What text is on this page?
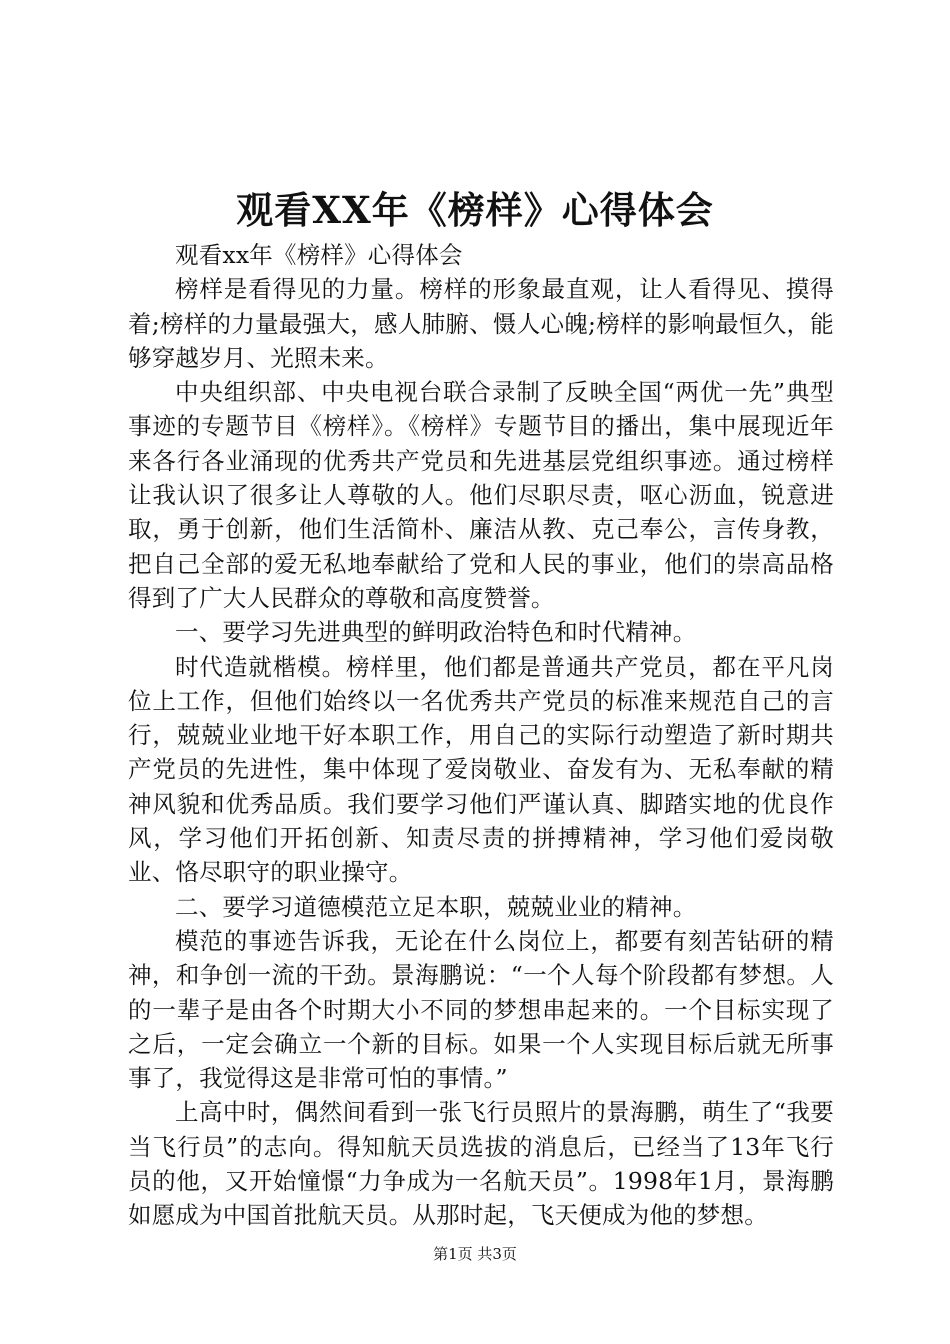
观看XX年《榜样》心得体会

观看xx年《榜样》心得体会

榜样是看得见的力量。榜样的形象最直观，让人看得见、摸得着;榜样的力量最强大，感人肺腑、慑人心魄;榜样的影响最恒久，能够穿越岁月、光照未来。

中央组织部、中央电视台联合录制了反映全国“两优一先”典型事迹的专题节目《榜样》。《榜样》专题节目的播出，集中展现近年来各行各业涌现的优秀共产党员和先进基层党组织事迹。通过榜样让我认识了很多让人尊敬的人。他们尽职尽责，呕心沥血，锐意进取，勇于创新，他们生活简朴、廉洁从教、克己奉公，言传身教，把自己全部的爱无私地奉献给了党和人民的事业，他们的崇高品格得到了广大人民群众的尊敬和高度赞誉。

一、要学习先进典型的鲜明政治特色和时代精神。

时代造就楷模。榜样里，他们都是普通共产党员，都在平凡岗位上工作，但他们始终以一名优秀共产党员的标准来规范自己的言行，兢兢业业地干好本职工作，用自己的实际行动塑造了新时期共产党员的先进性，集中体现了爱岗敬业、奋发有为、无私奉献的精神风貌和优秀品质。我们要学习他们严谨认真、脚踏实地的优良作风，学习他们开拓创新、知责尽责的拼搏精神，学习他们爱岗敬业、恪尽职守的职业操守。

二、要学习道德模范立足本职，兢兢业业的精神。

模范的事迹告诉我，无论在什么岗位上，都要有刻苦钻研的精神，和争创一流的干劲。景海鹏说：“一个人每个阶段都有梦想。人的一辈子是由各个时期大小不同的梦想串起来的。一个目标实现了之后，一定会确立一个新的目标。如果一个人实现目标后就无所事事了，我觉得这是非常可怕的事情。”

上高中时，偶然间看到一张飞行员照片的景海鹏，萌生了“我要当飞行员”的志向。得知航天员选拔的消息后，已经当了13年飞行员的他，又开始憧憬“力争成为一名航天员”。1998年1月，景海鹏如愿成为中国首批航天员。从那时起，飞天便成为他的梦想。

第1页 共3页
